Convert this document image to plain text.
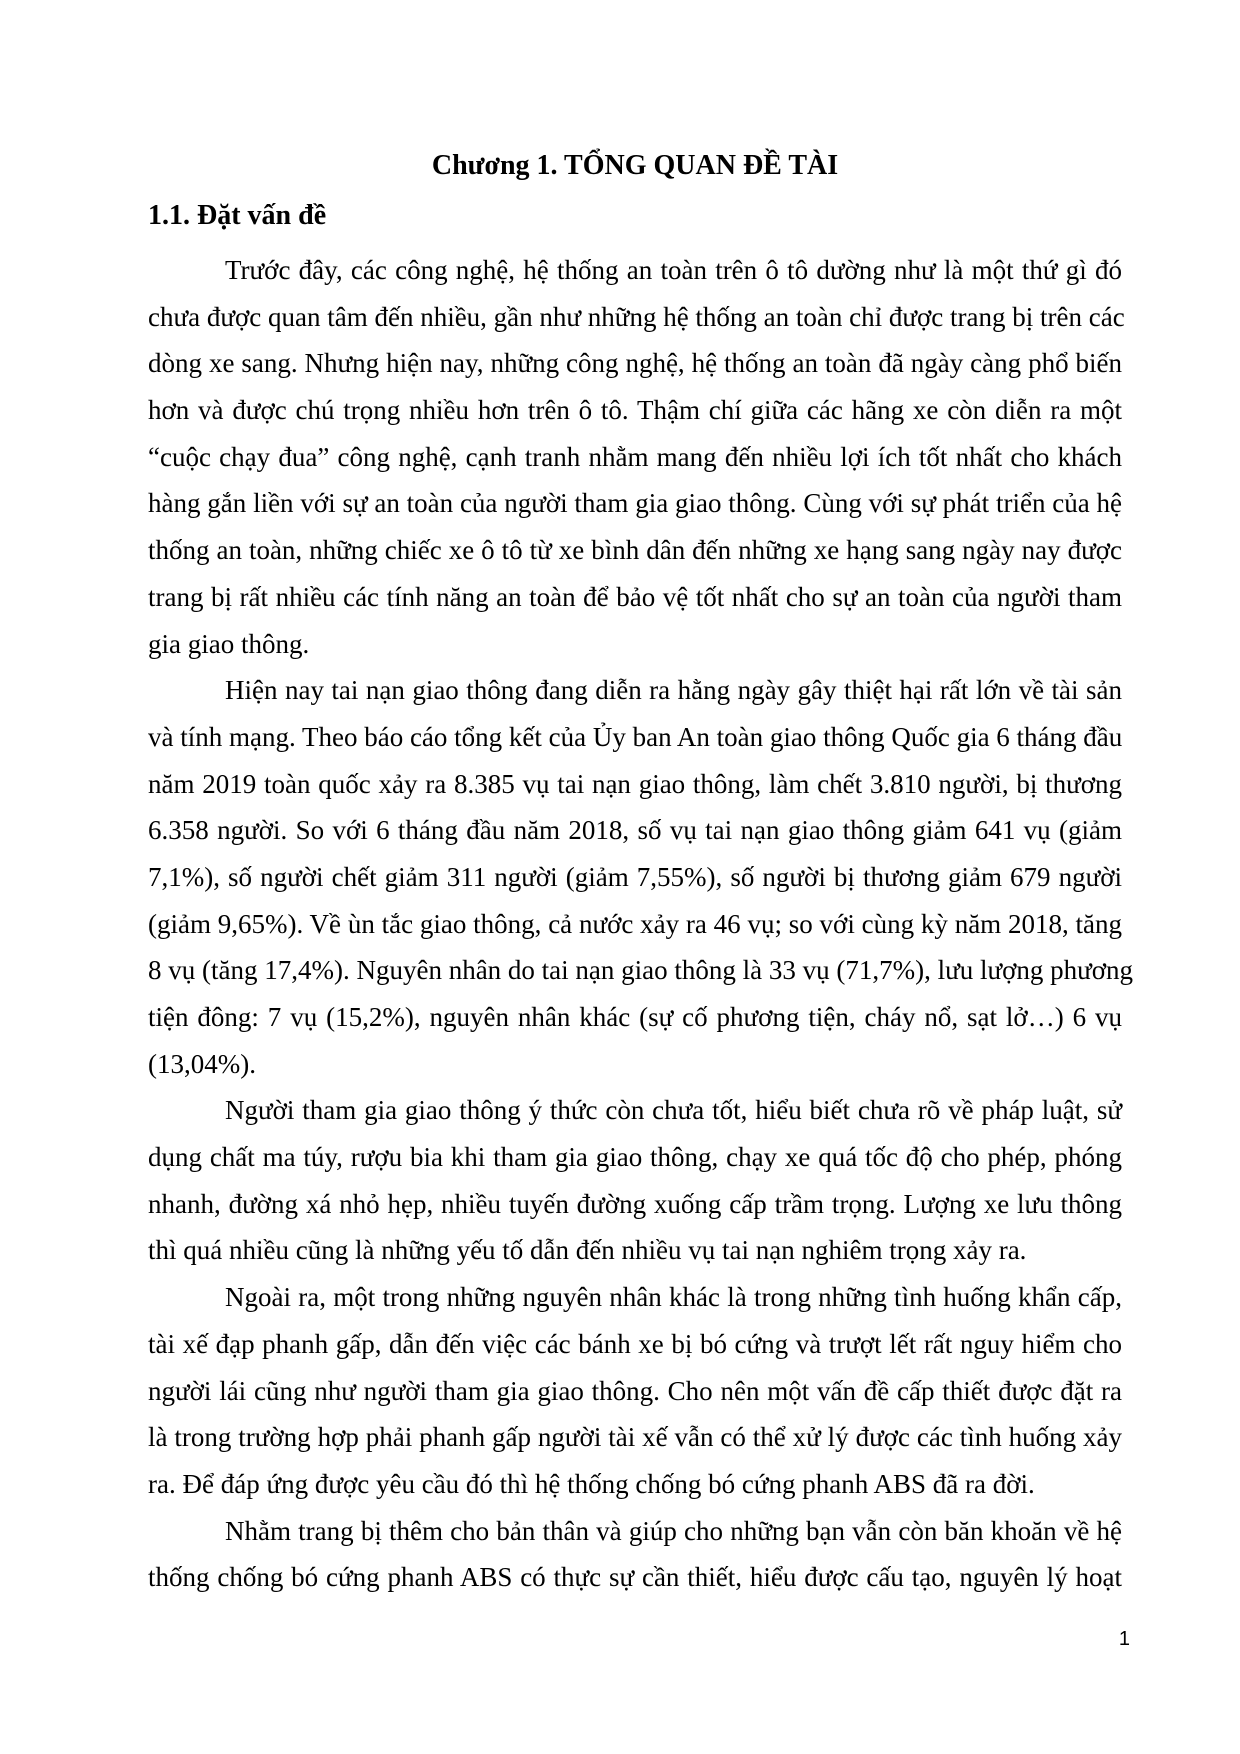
Chương 1. TỔNG QUAN ĐỀ TÀI
1.1. Đặt vấn đề
Trước đây, các công nghệ, hệ thống an toàn trên ô tô dường như là một thứ gì đó
chưa được quan tâm đến nhiều, gần như những hệ thống an toàn chỉ được trang bị trên các
dòng xe sang. Nhưng hiện nay, những công nghệ, hệ thống an toàn đã ngày càng phổ biến
hơn và được chú trọng nhiều hơn trên ô tô. Thậm chí giữa các hãng xe còn diễn ra một
“cuộc chạy đua” công nghệ, cạnh tranh nhằm mang đến nhiều lợi ích tốt nhất cho khách
hàng gắn liền với sự an toàn của người tham gia giao thông. Cùng với sự phát triển của hệ
thống an toàn, những chiếc xe ô tô từ xe bình dân đến những xe hạng sang ngày nay được
trang bị rất nhiều các tính năng an toàn để bảo vệ tốt nhất cho sự an toàn của người tham
gia giao thông.
Hiện nay tai nạn giao thông đang diễn ra hằng ngày gây thiệt hại rất lớn về tài sản
và tính mạng. Theo báo cáo tổng kết của Ủy ban An toàn giao thông Quốc gia 6 tháng đầu
năm 2019 toàn quốc xảy ra 8.385 vụ tai nạn giao thông, làm chết 3.810 người, bị thương
6.358 người. So với 6 tháng đầu năm 2018, số vụ tai nạn giao thông giảm 641 vụ (giảm
7,1%), số người chết giảm 311 người (giảm 7,55%), số người bị thương giảm 679 người
(giảm 9,65%). Về ùn tắc giao thông, cả nước xảy ra 46 vụ; so với cùng kỳ năm 2018, tăng
8 vụ (tăng 17,4%). Nguyên nhân do tai nạn giao thông là 33 vụ (71,7%), lưu lượng phương
tiện đông: 7 vụ (15,2%), nguyên nhân khác (sự cố phương tiện, cháy nổ, sạt lở…) 6 vụ
(13,04%).
Người tham gia giao thông ý thức còn chưa tốt, hiểu biết chưa rõ về pháp luật, sử
dụng chất ma túy, rượu bia khi tham gia giao thông, chạy xe quá tốc độ cho phép, phóng
nhanh, đường xá nhỏ hẹp, nhiều tuyến đường xuống cấp trầm trọng. Lượng xe lưu thông
thì quá nhiều cũng là những yếu tố dẫn đến nhiều vụ tai nạn nghiêm trọng xảy ra.
Ngoài ra, một trong những nguyên nhân khác là trong những tình huống khẩn cấp,
tài xế đạp phanh gấp, dẫn đến việc các bánh xe bị bó cứng và trượt lết rất nguy hiểm cho
người lái cũng như người tham gia giao thông. Cho nên một vấn đề cấp thiết được đặt ra
là trong trường hợp phải phanh gấp người tài xế vẫn có thể xử lý được các tình huống xảy
ra. Để đáp ứng được yêu cầu đó thì hệ thống chống bó cứng phanh ABS đã ra đời.
Nhằm trang bị thêm cho bản thân và giúp cho những bạn vẫn còn băn khoăn về hệ
thống chống bó cứng phanh ABS có thực sự cần thiết, hiểu được cấu tạo, nguyên lý hoạt
1
